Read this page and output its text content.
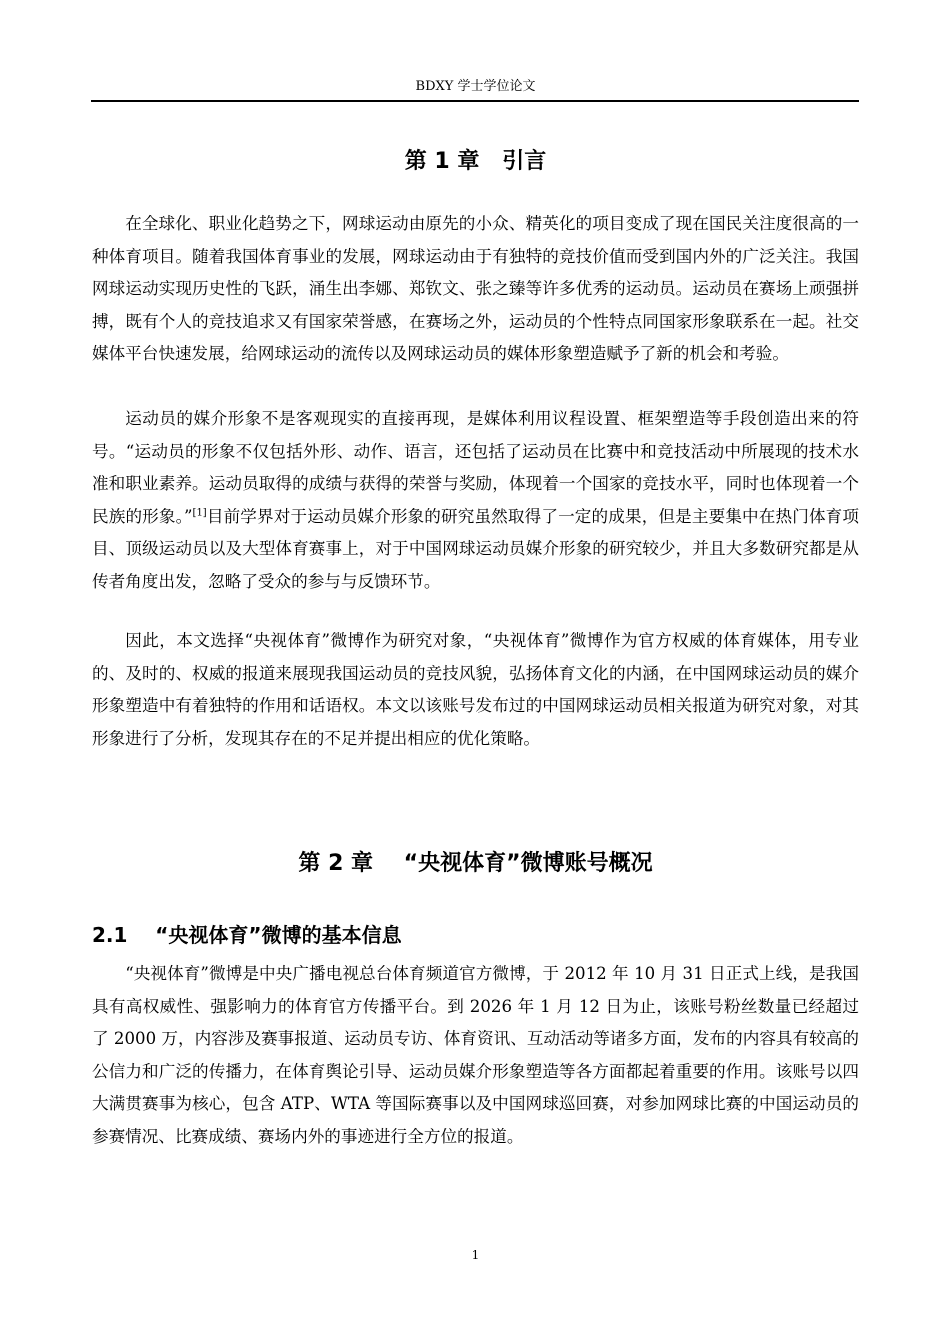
BDXY 学士学位论文
第 1 章   引言

在全球化、职业化趋势之下，网球运动由原先的小众、精英化的项目变成了现在国民关注度很高的一种体育项目。随着我国体育事业的发展，网球运动由于有独特的竞技价值而受到国内外的广泛关注。我国网球运动实现历史性的飞跃，涌生出李娜、郑钦文、张之臻等许多优秀的运动员。运动员在赛场上顽强拼搏，既有个人的竞技追求又有国家荣誉感，在赛场之外，运动员的个性特点同国家形象联系在一起。社交媒体平台快速发展，给网球运动的流传以及网球运动员的媒体形象塑造赋予了新的机会和考验。

运动员的媒介形象不是客观现实的直接再现，是媒体利用议程设置、框架塑造等手段创造出来的符号。“运动员的形象不仅包括外形、动作、语言，还包括了运动员在比赛中和竞技活动中所展现的技术水准和职业素养。运动员取得的成绩与获得的荣誉与奖励，体现着一个国家的竞技水平，同时也体现着一个民族的形象。”[1]目前学界对于运动员媒介形象的研究虽然取得了一定的成果，但是主要集中在热门体育项目、顶级运动员以及大型体育赛事上，对于中国网球运动员媒介形象的研究较少，并且大多数研究都是从传者角度出发，忽略了受众的参与与反馈环节。

因此，本文选择“央视体育”微博作为研究对象，“央视体育”微博作为官方权威的体育媒体，用专业的、及时的、权威的报道来展现我国运动员的竞技风貌，弘扬体育文化的内涵，在中国网球运动员的媒介形象塑造中有着独特的作用和话语权。本文以该账号发布过的中国网球运动员相关报道为研究对象，对其形象进行了分析，发现其存在的不足并提出相应的优化策略。

第 2 章    “央视体育”微博账号概况
2.1    “央视体育”微博的基本信息

“央视体育”微博是中央广播电视总台体育频道官方微博，于 2012 年 10 月 31 日正式上线，是我国具有高权威性、强影响力的体育官方传播平台。到 2026 年 1 月 12 日为止，该账号粉丝数量已经超过了 2000 万，内容涉及赛事报道、运动员专访、体育资讯、互动活动等诸多方面，发布的内容具有较高的公信力和广泛的传播力，在体育舆论引导、运动员媒介形象塑造等各方面都起着重要的作用。该账号以四大满贯赛事为核心，包含 ATP、WTA 等国际赛事以及中国网球巡回赛，对参加网球比赛的中国运动员的参赛情况、比赛成绩、赛场内外的事迹进行全方位的报道。

1
